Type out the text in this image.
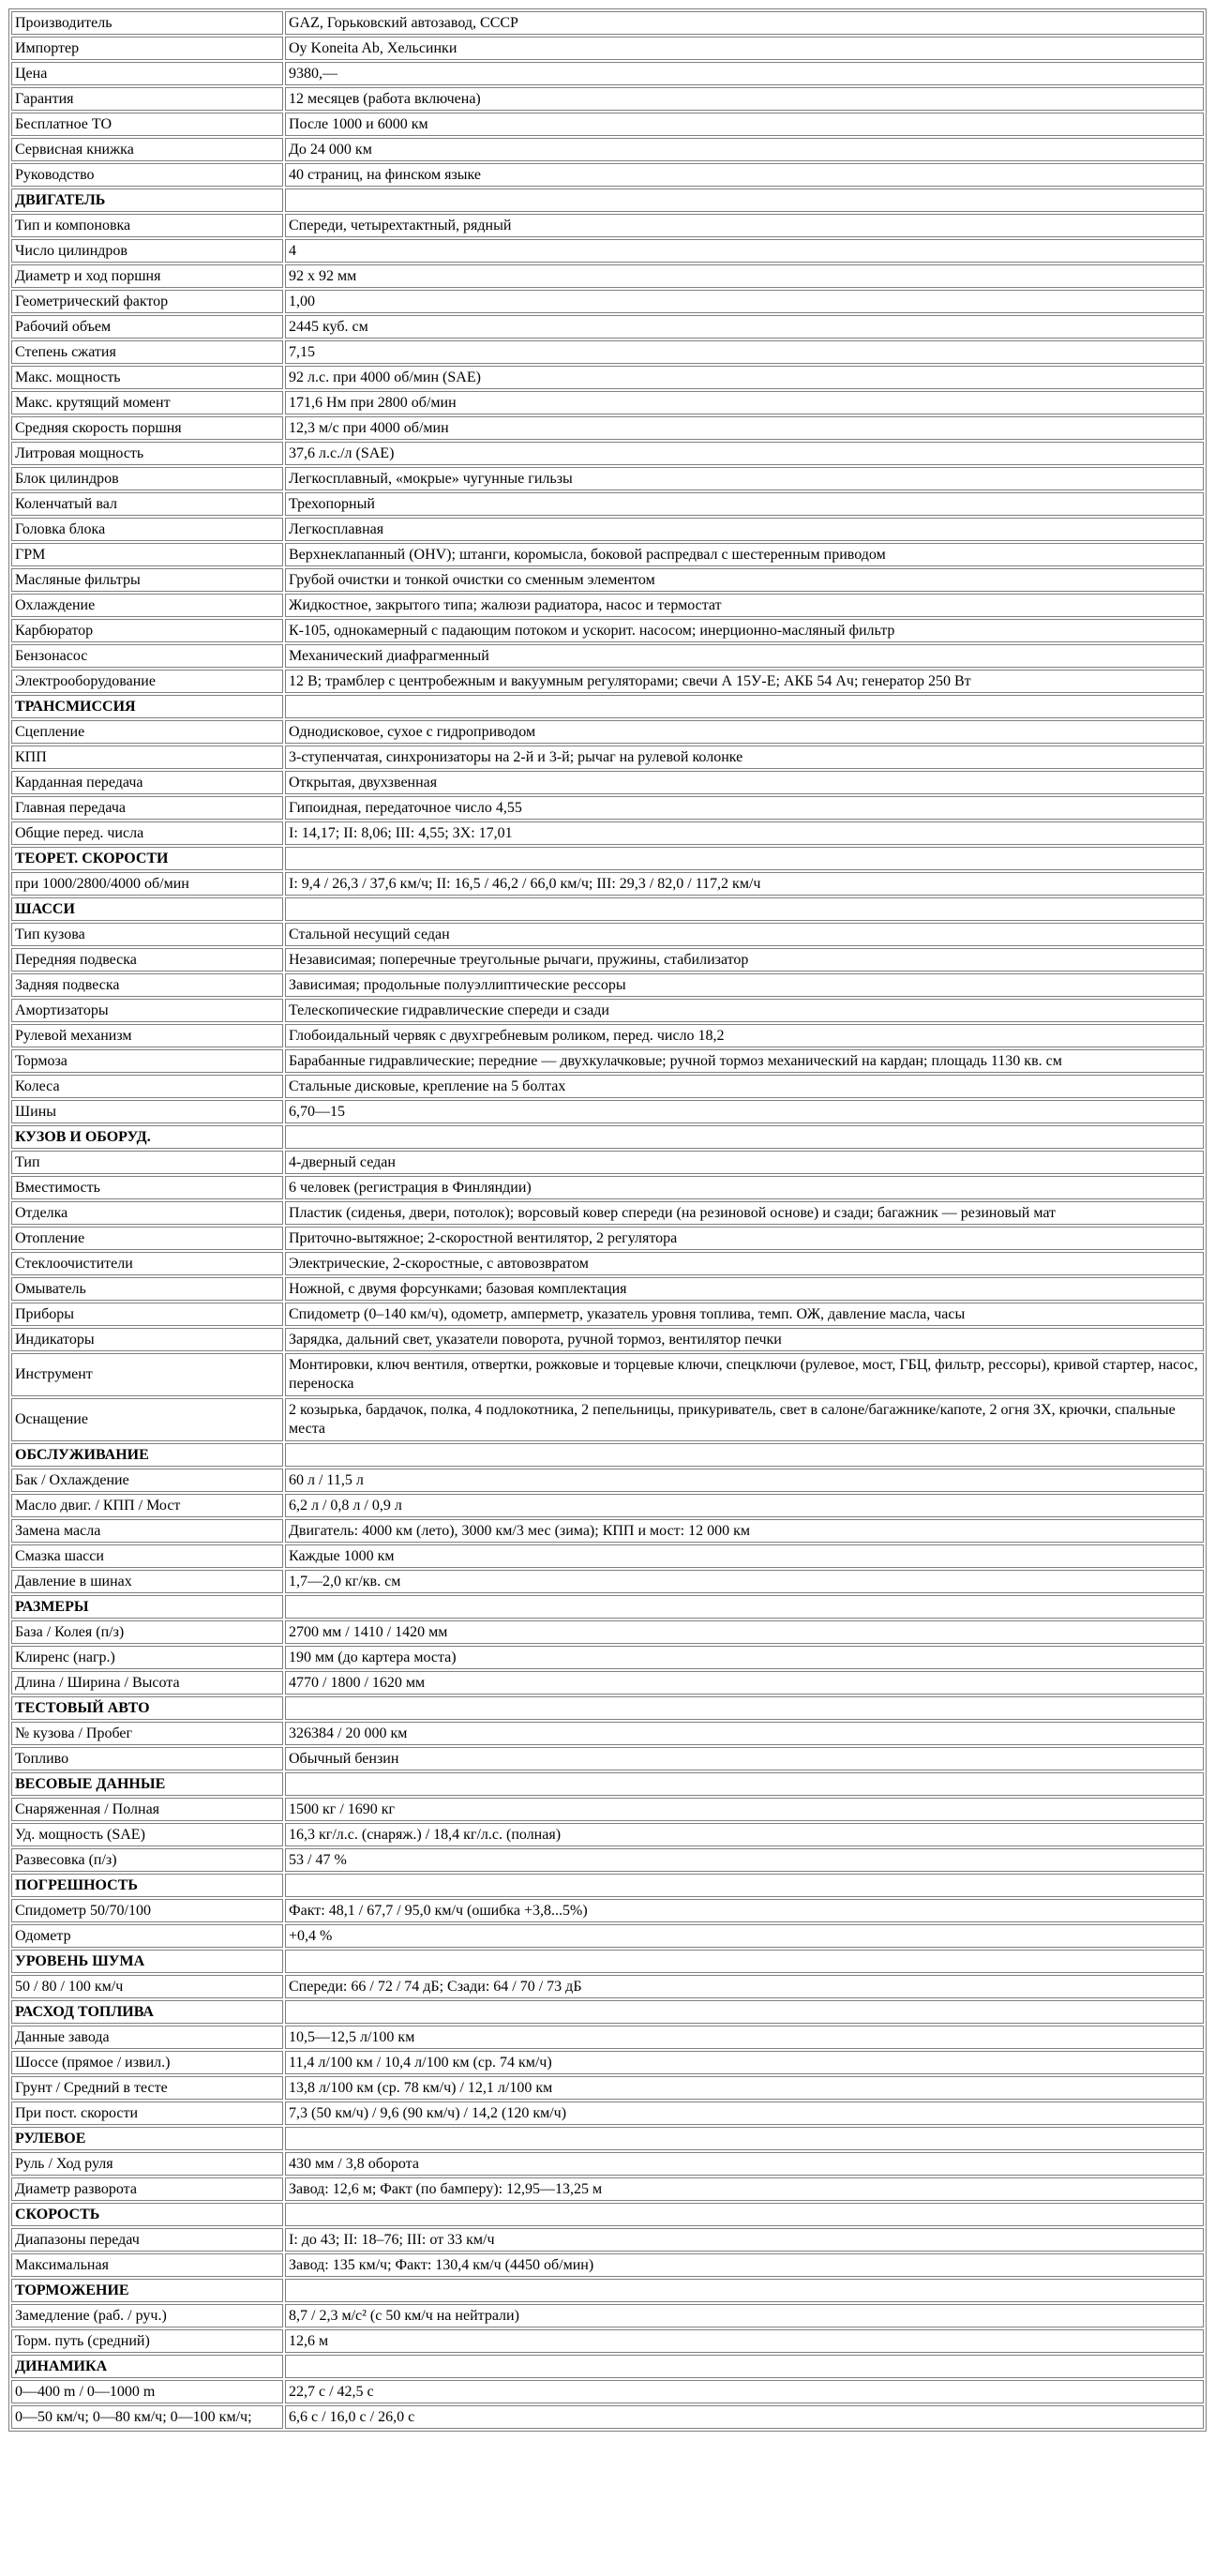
Производитель	GAZ, Горьковский автозавод, СССР
Импортер	Oy Koneita Ab, Хельсинки
Цена	9380,—
Гарантия	12 месяцев (работа включена)
Бесплатное ТО	После 1000 и 6000 км
Сервисная книжка	До 24 000 км
Руководство	40 страниц, на финском языке
ДВИГАТЕЛЬ	
Тип и компоновка	Спереди, четырехтактный, рядный
Число цилиндров	4
Диаметр и ход поршня	92 x 92 мм
Геометрический фактор	1,00
Рабочий объем	2445 куб. см
Степень сжатия	7,15
Макс. мощность	92 л.с. при 4000 об/мин (SAE)
Макс. крутящий момент	171,6 Нм при 2800 об/мин
Средняя скорость поршня	12,3 м/с при 4000 об/мин
Литровая мощность	37,6 л.с./л (SAE)
Блок цилиндров	Легкосплавный, «мокрые» чугунные гильзы
Коленчатый вал	Трехопорный
Головка блока	Легкосплавная
ГРМ	Верхнеклапанный (OHV); штанги, коромысла, боковой распредвал с шестеренным приводом
Масляные фильтры	Грубой очистки и тонкой очистки со сменным элементом
Охлаждение	Жидкостное, закрытого типа; жалюзи радиатора, насос и термостат
Карбюратор	К-105, однокамерный с падающим потоком и ускорит. насосом; инерционно-масляный фильтр
Бензонасос	Механический диафрагменный
Электрооборудование	12 В; трамблер с центробежным и вакуумным регуляторами; свечи А 15У-Е; АКБ 54 Ач; генератор 250 Вт
ТРАНСМИССИЯ	
Сцепление	Однодисковое, сухое с гидроприводом
КПП	3-ступенчатая, синхронизаторы на 2-й и 3-й; рычаг на рулевой колонке
Карданная передача	Открытая, двухзвенная
Главная передача	Гипоидная, передаточное число 4,55
Общие перед. числа	I: 14,17; II: 8,06; III: 4,55; ЗХ: 17,01
ТЕОРЕТ. СКОРОСТИ	
при 1000/2800/4000 об/мин	I: 9,4 / 26,3 / 37,6 км/ч; II: 16,5 / 46,2 / 66,0 км/ч; III: 29,3 / 82,0 / 117,2 км/ч
ШАССИ	
Тип кузова	Стальной несущий седан
Передняя подвеска	Независимая; поперечные треугольные рычаги, пружины, стабилизатор
Задняя подвеска	Зависимая; продольные полуэллиптические рессоры
Амортизаторы	Телескопические гидравлические спереди и сзади
Рулевой механизм	Глобоидальный червяк с двухгребневым роликом, перед. число 18,2
Тормоза	Барабанные гидравлические; передние — двухкулачковые; ручной тормоз механический на кардан; площадь 1130 кв. см
Колеса	Стальные дисковые, крепление на 5 болтах
Шины	6,70—15
КУЗОВ И ОБОРУД.	
Тип	4-дверный седан
Вместимость	6 человек (регистрация в Финляндии)
Отделка	Пластик (сиденья, двери, потолок); ворсовый ковер спереди (на резиновой основе) и сзади; багажник — резиновый мат
Отопление	Приточно-вытяжное; 2-скоростной вентилятор, 2 регулятора
Стеклоочистители	Электрические, 2-скоростные, с автовозвратом
Омыватель	Ножной, с двумя форсунками; базовая комплектация
Приборы	Спидометр (0–140 км/ч), одометр, амперметр, указатель уровня топлива, темп. ОЖ, давление масла, часы
Индикаторы	Зарядка, дальний свет, указатели поворота, ручной тормоз, вентилятор печки
Инструмент	Монтировки, ключ вентиля, отвертки, рожковые и торцевые ключи, спецключи (рулевое, мост, ГБЦ, фильтр, рессоры), кривой стартер, насос, переноска
Оснащение	2 козырька, бардачок, полка, 4 подлокотника, 2 пепельницы, прикуриватель, свет в салоне/багажнике/капоте, 2 огня ЗХ, крючки, спальные места
ОБСЛУЖИВАНИЕ	
Бак / Охлаждение	60 л / 11,5 л
Масло двиг. / КПП / Мост	6,2 л / 0,8 л / 0,9 л
Замена масла	Двигатель: 4000 км (лето), 3000 км/3 мес (зима); КПП и мост: 12 000 км
Смазка шасси	Каждые 1000 км
Давление в шинах	1,7—2,0 кг/кв. см
РАЗМЕРЫ	
База / Колея (п/з)	2700 мм / 1410 / 1420 мм
Клиренс (нагр.)	190 мм (до картера моста)
Длина / Ширина / Высота	4770 / 1800 / 1620 мм
ТЕСТОВЫЙ АВТО	
№ кузова / Пробег	326384 / 20 000 км
Топливо	Обычный бензин
ВЕСОВЫЕ ДАННЫЕ	
Снаряженная / Полная	1500 кг / 1690 кг
Уд. мощность (SAE)	16,3 кг/л.с. (снаряж.) / 18,4 кг/л.с. (полная)
Развесовка (п/з)	53 / 47 %
ПОГРЕШНОСТЬ	
Спидометр 50/70/100	Факт: 48,1 / 67,7 / 95,0 км/ч (ошибка +3,8...5%)
Одометр	+0,4 %
УРОВЕНЬ ШУМА	
50 / 80 / 100 км/ч	Спереди: 66 / 72 / 74 дБ; Сзади: 64 / 70 / 73 дБ
РАСХОД ТОПЛИВА	
Данные завода	10,5—12,5 л/100 км
Шоссе (прямое / извил.)	11,4 л/100 км / 10,4 л/100 км (ср. 74 км/ч)
Грунт / Средний в тесте	13,8 л/100 км (ср. 78 км/ч) / 12,1 л/100 км
При пост. скорости	7,3 (50 км/ч) / 9,6 (90 км/ч) / 14,2 (120 км/ч)
РУЛЕВОЕ	
Руль / Ход руля	430 мм / 3,8 оборота
Диаметр разворота	Завод: 12,6 м; Факт (по бамперу): 12,95—13,25 м
СКОРОСТЬ	
Диапазоны передач	I: до 43; II: 18–76; III: от 33 км/ч
Максимальная	Завод: 135 км/ч; Факт: 130,4 км/ч (4450 об/мин)
ТОРМОЖЕНИЕ	
Замедление (раб. / руч.)	8,7 / 2,3 м/с² (с 50 км/ч на нейтрали)
Торм. путь (средний)	12,6 м
ДИНАМИКА	
0—400 m / 0—1000 m	22,7 с / 42,5 с
0—50 км/ч; 0—80 км/ч; 0—100 км/ч;	6,6 с / 16,0 с / 26,0 с
